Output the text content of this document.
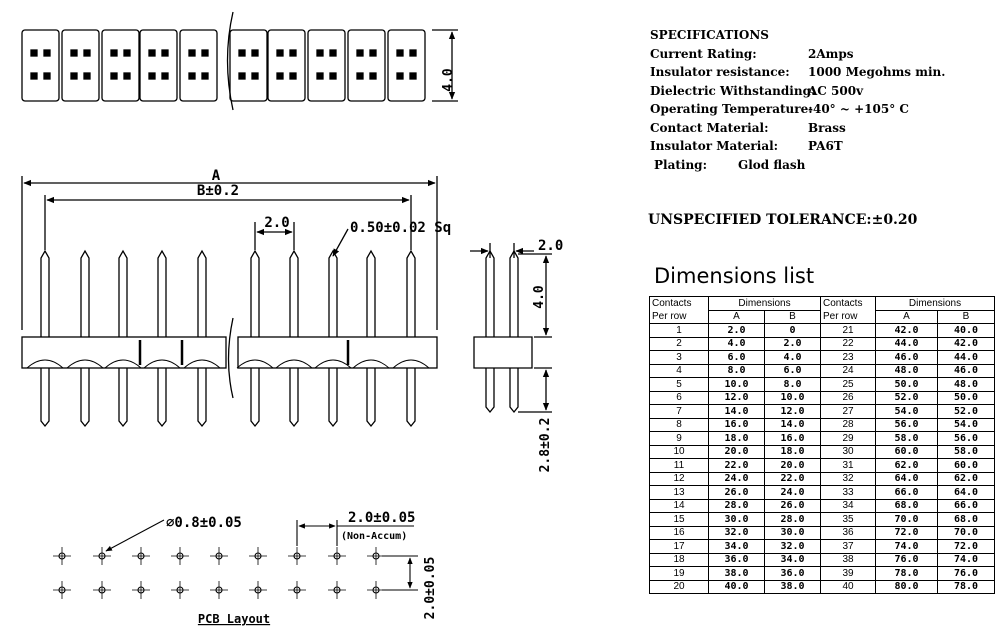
4.0
A
B±0.2
2.0	0.50±0.02 Sq
2.0
4.0
2.8±0.2
⌀0.8±0.05	2.0±0.05
(Non-Accum)
2.0±0.05
PCB Layout
SPECIFICATIONS
Current Rating:	2Amps
Insulator resistance:	1000 Megohms min.
Dielectric Withstanding:
AC 500v
Operating Temperature:
-40° ~ +105° C
Contact Material:	Brass
Insulator Material:	PA6T
Plating:	Glod flash
UNSPECIFIED TOLERANCE:±0.20
Dimensions list
Contacts	Dimensions		Contacts	Dimensions	
Per row	A	B	Per row	A	B
1	2.0	0	21	42.0	40.0
2	4.0	2.0	22	44.0	42.0
3	6.0	4.0	23	46.0	44.0
4	8.0	6.0	24	48.0	46.0
5	10.0	8.0	25	50.0	48.0
6	12.0	10.0	26	52.0	50.0
7	14.0	12.0	27	54.0	52.0
8	16.0	14.0	28	56.0	54.0
9	18.0	16.0	29	58.0	56.0
10	20.0	18.0	30	60.0	58.0
11	22.0	20.0	31	62.0	60.0
12	24.0	22.0	32	64.0	62.0
13	26.0	24.0	33	66.0	64.0
14	28.0	26.0	34	68.0	66.0
15	30.0	28.0	35	70.0	68.0
16	32.0	30.0	36	72.0	70.0
17	34.0	32.0	37	74.0	72.0
18	36.0	34.0	38	76.0	74.0
19	38.0	36.0	39	78.0	76.0
20	40.0	38.0	40	80.0	78.0
